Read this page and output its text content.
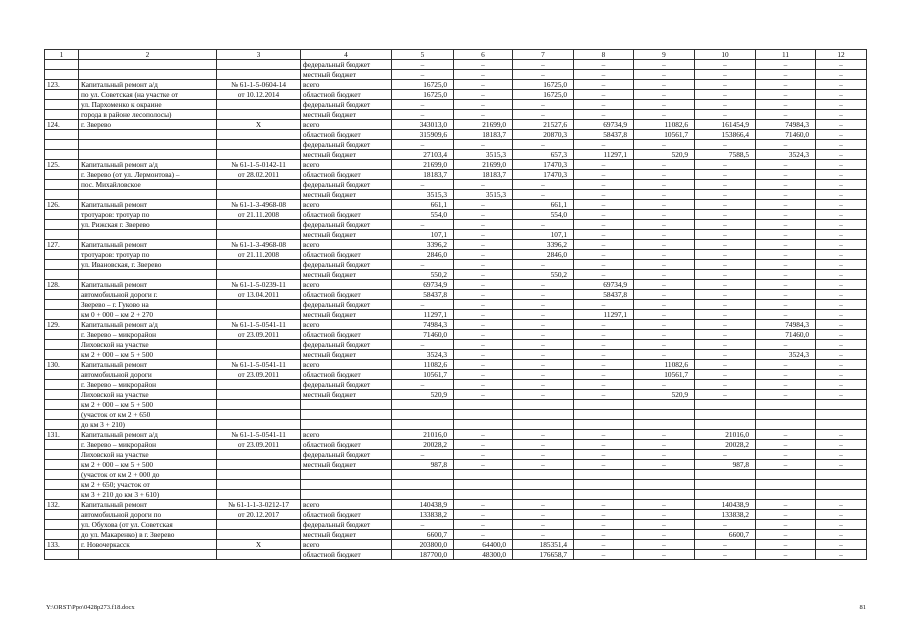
1	2	3	4	5	6	7	8	9	10	11	12
			федеральный бюджет	–	–	–	–	–	–	–	–
			местный бюджет	–	–	–	–	–	–	–	–
123.	Капитальный ремонт а/д	№ 61-1-5-0604-14	всего	16725,0	–	16725,0	–	–	–	–	–
	по ул. Советская (на участке от	от 10.12.2014	областной бюджет	16725,0	–	16725,0	–	–	–	–	–
	ул. Пархоменко к окраине		федеральный бюджет	–	–	–	–	–	–	–	–
	города в районе лесополосы)		местный бюджет	–	–	–	–	–	–	–	–
124.	г. Зверево	X	всего	343013,0	21699,0	21527,6	69734,9	11082,6	161454,9	74984,3	–
			областной бюджет	315909,6	18183,7	20870,3	58437,8	10561,7	153866,4	71460,0	–
			федеральный бюджет	–	–	–	–	–	–	–	–
			местный бюджет	27103,4	3515,3	657,3	11297,1	520,9	7588,5	3524,3	–
125.	Капитальный ремонт а/д	№ 61-1-5-0142-11	всего	21699,0	21699,0	17470,3	–	–	–	–	–
	г. Зверево (от ул. Лермонтова) –	от 28.02.2011	областной бюджет	18183,7	18183,7	17470,3	–	–	–	–	–
	пос. Михайловское		федеральный бюджет	–	–	–	–	–	–	–	–
			местный бюджет	3515,3	3515,3	–	–	–	–	–	–
126.	Капитальный ремонт	№ 61-1-3-4968-08	всего	661,1	–	661,1	–	–	–	–	–
	тротуаров: тротуар по	от 21.11.2008	областной бюджет	554,0	–	554,0	–	–	–	–	–
	ул. Рижская г. Зверево		федеральный бюджет	–	–	–	–	–	–	–	–
			местный бюджет	107,1	–	107,1	–	–	–	–	–
127.	Капитальный ремонт	№ 61-1-3-4968-08	всего	3396,2	–	3396,2	–	–	–	–	–
	тротуаров: тротуар по	от 21.11.2008	областной бюджет	2846,0	–	2846,0	–	–	–	–	–
	ул. Ивановская, г. Зверево		федеральный бюджет	–	–	–	–	–	–	–	–
			местный бюджет	550,2	–	550,2	–	–	–	–	–
128.	Капитальный ремонт	№ 61-1-5-0239-11	всего	69734,9	–	–	69734,9	–	–	–	–
	автомобильной дороги г.	от 13.04.2011	областной бюджет	58437,8	–	–	58437,8	–	–	–	–
	Зверево – г. Гуково на		федеральный бюджет	–	–	–	–	–	–	–	–
	км 0 + 000 – км 2 + 270		местный бюджет	11297,1	–	–	11297,1	–	–	–	–
129.	Капитальный ремонт а/д	№ 61-1-5-0541-11	всего	74984,3	–	–	–	–	–	74984,3	–
	г. Зверево – микрорайон	от 23.09.2011	областной бюджет	71460,0	–	–	–	–	–	71460,0	–
	Лиховской на участке		федеральный бюджет	–	–	–	–	–	–	–	–
	км 2 + 000 – км 5 + 500		местный бюджет	3524,3	–	–	–	–	–	3524,3	–
130.	Капитальный ремонт	№ 61-1-5-0541-11	всего	11082,6	–	–	–	11082,6	–	–	–
	автомобильной дороги	от 23.09.2011	областной бюджет	10561,7	–	–	–	10561,7	–	–	–
	г. Зверево – микрорайон		федеральный бюджет	–	–	–	–	–	–	–	–
	Лиховской на участке		местный бюджет	520,9	–	–	–	520,9	–	–	–
	км 2 + 000 – км 5 + 500										
	(участок от км 2 + 650										
	до км 3 + 210)										
131.	Капитальный ремонт а/д	№ 61-1-5-0541-11	всего	21016,0	–	–	–	–	21016,0	–	–
	г. Зверево – микрорайон	от 23.09.2011	областной бюджет	20028,2	–	–	–	–	20028,2	–	–
	Лиховской на участке		федеральный бюджет	–	–	–	–	–	–	–	–
	км 2 + 000 – км 5 + 500		местный бюджет	987,8	–	–	–	–	987,8	–	–
	(участок от км 2 + 000 до										
	км 2 + 650; участок от										
	км 3 + 210 до км 3 + 610)										
132.	Капитальный ремонт	№ 61-1-1-3-0212-17	всего	140438,9	–	–	–	–	140438,9	–	–
	автомобильной дороги по	от 20.12.2017	областной бюджет	133838,2	–	–	–	–	133838,2	–	–
	ул. Обухова (от ул. Советская		федеральный бюджет	–	–	–	–	–	–	–	–
	до ул. Макаренко) в г. Зверево		местный бюджет	6600,7	–	–	–	–	6600,7	–	–
133.	г. Новочеркасск	X	всего	203800,0	64400,0	185351,4	–	–	–	–	–
			областной бюджет	187700,0	48300,0	176658,7	–	–	–	–	–
Y:\ORST\Ppo\0428p273.f18.docx	81
